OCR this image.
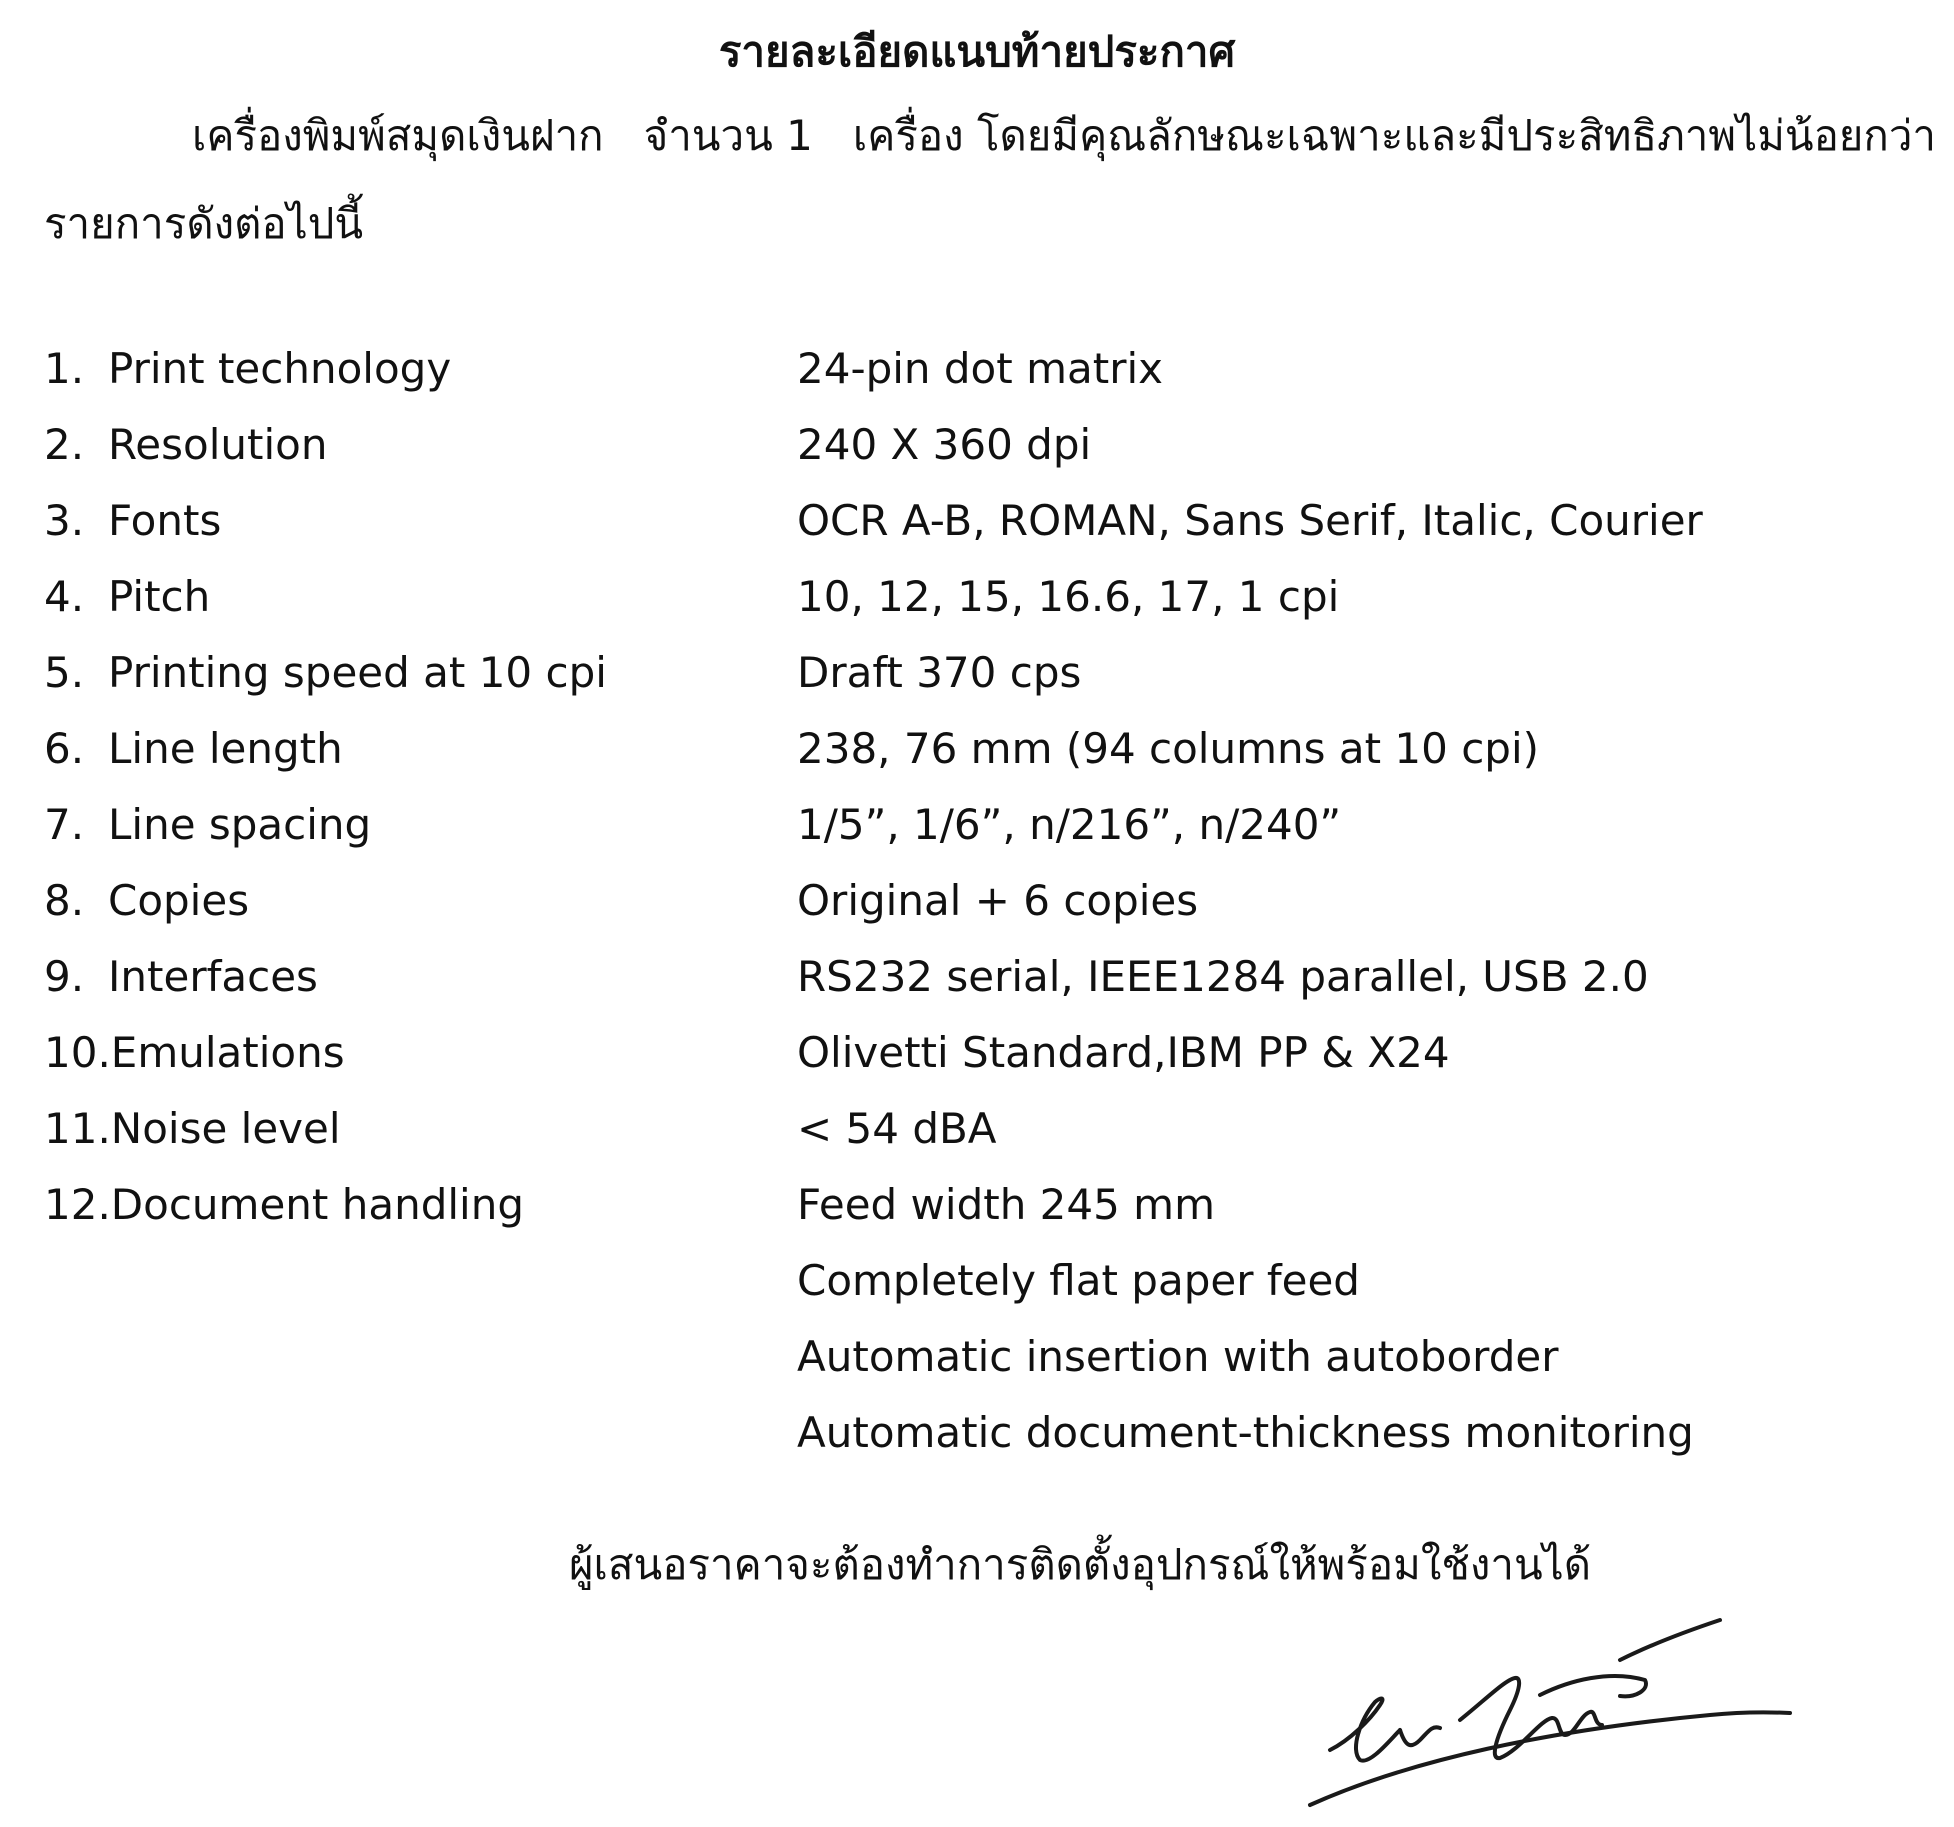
รายละเอียดแนบท้ายประกาศ
เครื่องพิมพ์สมุดเงินฝาก จำนวน 1 เครื่อง โดยมีคุณลักษณะเฉพาะและมีประสิทธิภาพไม่น้อยกว่า
รายการดังต่อไปนี้
1. Print technology	24-pin dot matrix
2. Resolution	240 X 360 dpi
3. Fonts	OCR A-B, ROMAN, Sans Serif, Italic, Courier
4. Pitch	10, 12, 15, 16.6, 17, 1 cpi
5. Printing speed at 10 cpi	Draft 370 cps
6. Line length	238, 76 mm (94 columns at 10 cpi)
7. Line spacing	1/5”, 1/6”, n/216”, n/240”
8. Copies	Original + 6 copies
9. Interfaces	RS232 serial, IEEE1284 parallel, USB 2.0
10. Emulations	Olivetti Standard,IBM PP & X24
11. Noise level	< 54 dBA
12. Document handling	Feed width 245 mm
Completely flat paper feed
Automatic insertion with autoborder
Automatic document-thickness monitoring
ผู้เสนอราคาจะต้องทำการติดตั้งอุปกรณ์ให้พร้อมใช้งานได้
